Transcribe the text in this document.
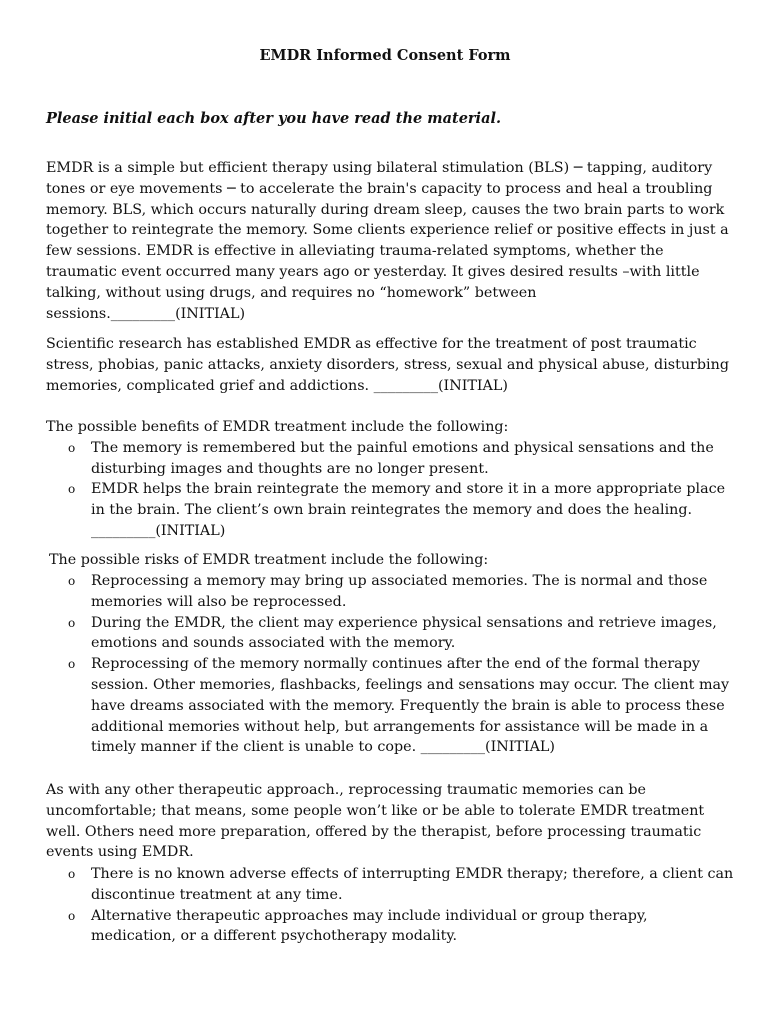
EMDR Informed Consent Form
Please initial each box after you have read the material.

EMDR is a simple but efficient therapy using bilateral stimulation (BLS) ─ tapping, auditory tones or eye movements ─ to accelerate the brain's capacity to process and heal a troubling memory. BLS, which occurs naturally during dream sleep, causes the two brain parts to work together to reintegrate the memory. Some clients experience relief or positive effects in just a few sessions. EMDR is effective in alleviating trauma-related symptoms, whether the traumatic event occurred many years ago or yesterday. It gives desired results –with little talking, without using drugs, and requires no “homework” between sessions._________(INITIAL)

Scientific research has established EMDR as effective for the treatment of post traumatic stress, phobias, panic attacks, anxiety disorders, stress, sexual and physical abuse, disturbing memories, complicated grief and addictions. _________(INITIAL)

The possible benefits of EMDR treatment include the following:

o The memory is remembered but the painful emotions and physical sensations and the disturbing images and thoughts are no longer present.
o EMDR helps the brain reintegrate the memory and store it in a more appropriate place in the brain. The client’s own brain reintegrates the memory and does the healing. _________(INITIAL)

The possible risks of EMDR treatment include the following:

o Reprocessing a memory may bring up associated memories. The is normal and those memories will also be reprocessed.
o During the EMDR, the client may experience physical sensations and retrieve images, emotions and sounds associated with the memory.
o Reprocessing of the memory normally continues after the end of the formal therapy session. Other memories, flashbacks, feelings and sensations may occur. The client may have dreams associated with the memory. Frequently the brain is able to process these additional memories without help, but arrangements for assistance will be made in a timely manner if the client is unable to cope. _________(INITIAL)

As with any other therapeutic approach., reprocessing traumatic memories can be uncomfortable; that means, some people won’t like or be able to tolerate EMDR treatment well. Others need more preparation, offered by the therapist, before processing traumatic events using EMDR.

o There is no known adverse effects of interrupting EMDR therapy; therefore, a client can discontinue treatment at any time.
o Alternative therapeutic approaches may include individual or group therapy, medication, or a different psychotherapy modality.
